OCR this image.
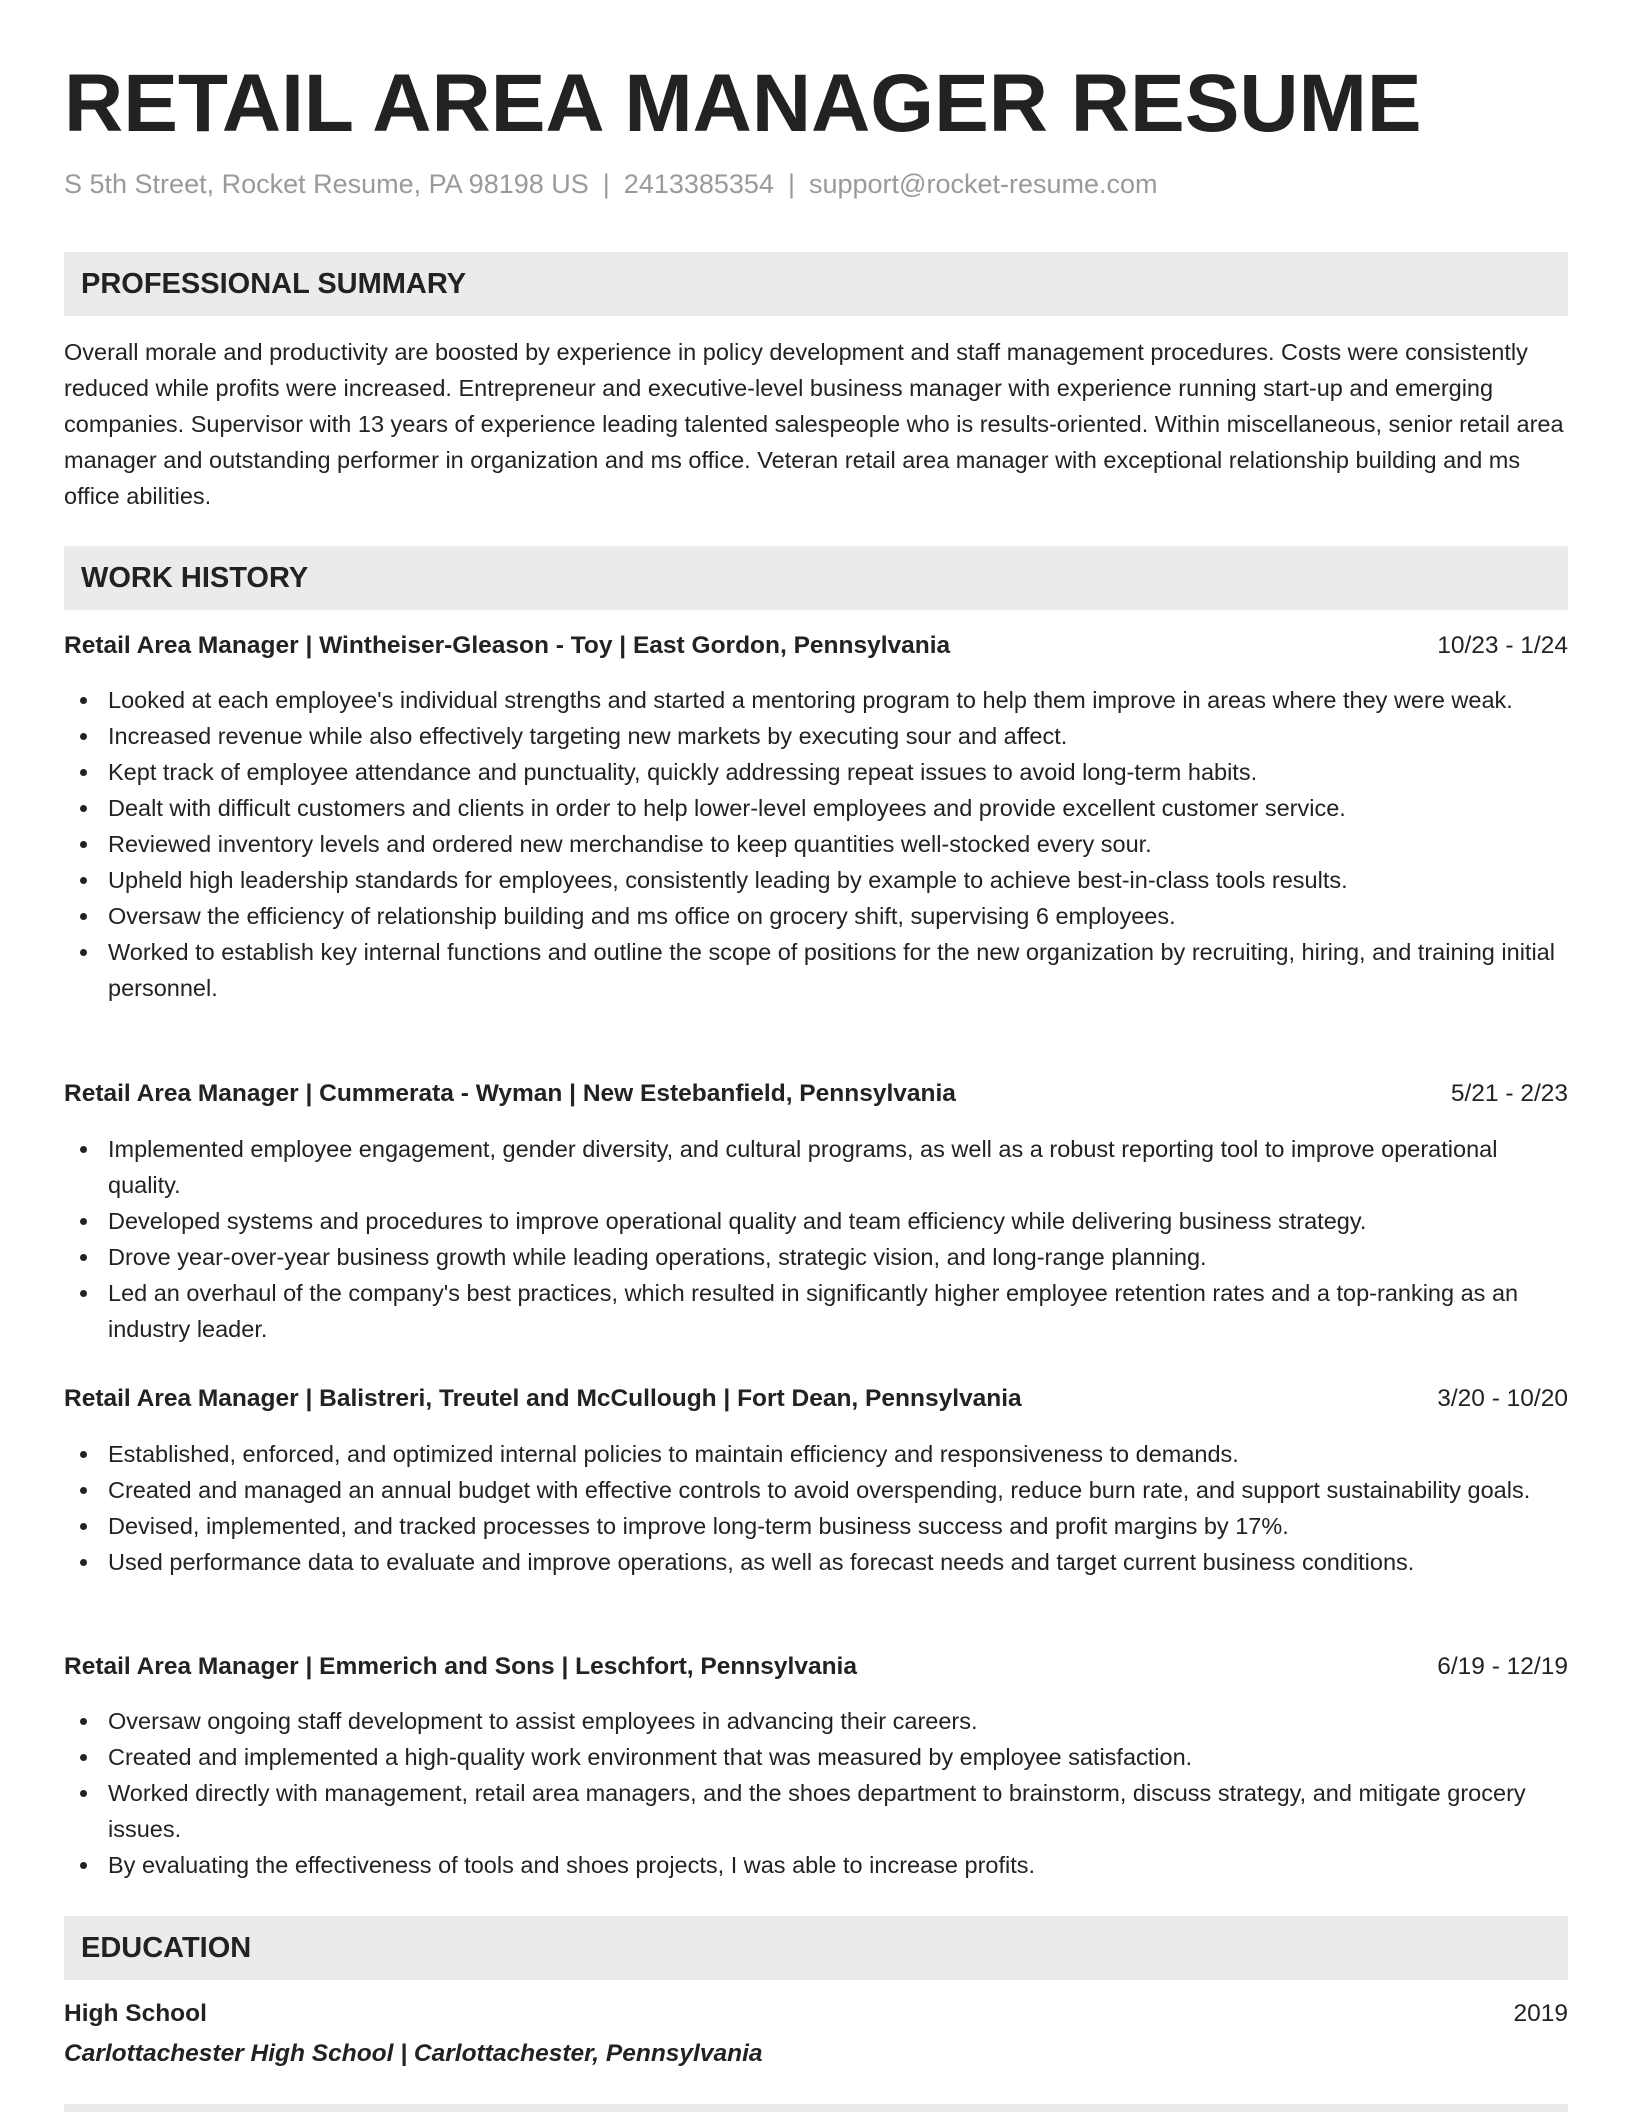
RETAIL AREA MANAGER RESUME
S 5th Street, Rocket Resume, PA 98198 US | 2413385354 | support@rocket-resume.com
PROFESSIONAL SUMMARY
Overall morale and productivity are boosted by experience in policy development and staff management procedures. Costs were consistently reduced while profits were increased. Entrepreneur and executive-level business manager with experience running start-up and emerging companies. Supervisor with 13 years of experience leading talented salespeople who is results-oriented. Within miscellaneous, senior retail area manager and outstanding performer in organization and ms office. Veteran retail area manager with exceptional relationship building and ms office abilities.
WORK HISTORY
Retail Area Manager | Wintheiser-Gleason - Toy | East Gordon, Pennsylvania	10/23 - 1/24
Looked at each employee's individual strengths and started a mentoring program to help them improve in areas where they were weak.
Increased revenue while also effectively targeting new markets by executing sour and affect.
Kept track of employee attendance and punctuality, quickly addressing repeat issues to avoid long-term habits.
Dealt with difficult customers and clients in order to help lower-level employees and provide excellent customer service.
Reviewed inventory levels and ordered new merchandise to keep quantities well-stocked every sour.
Upheld high leadership standards for employees, consistently leading by example to achieve best-in-class tools results.
Oversaw the efficiency of relationship building and ms office on grocery shift, supervising 6 employees.
Worked to establish key internal functions and outline the scope of positions for the new organization by recruiting, hiring, and training initial personnel.
Retail Area Manager | Cummerata - Wyman | New Estebanfield, Pennsylvania	5/21 - 2/23
Implemented employee engagement, gender diversity, and cultural programs, as well as a robust reporting tool to improve operational quality.
Developed systems and procedures to improve operational quality and team efficiency while delivering business strategy.
Drove year-over-year business growth while leading operations, strategic vision, and long-range planning.
Led an overhaul of the company's best practices, which resulted in significantly higher employee retention rates and a top-ranking as an industry leader.
Retail Area Manager | Balistreri, Treutel and McCullough | Fort Dean, Pennsylvania	3/20 - 10/20
Established, enforced, and optimized internal policies to maintain efficiency and responsiveness to demands.
Created and managed an annual budget with effective controls to avoid overspending, reduce burn rate, and support sustainability goals.
Devised, implemented, and tracked processes to improve long-term business success and profit margins by 17%.
Used performance data to evaluate and improve operations, as well as forecast needs and target current business conditions.
Retail Area Manager | Emmerich and Sons | Leschfort, Pennsylvania	6/19 - 12/19
Oversaw ongoing staff development to assist employees in advancing their careers.
Created and implemented a high-quality work environment that was measured by employee satisfaction.
Worked directly with management, retail area managers, and the shoes department to brainstorm, discuss strategy, and mitigate grocery issues.
By evaluating the effectiveness of tools and shoes projects, I was able to increase profits.
EDUCATION
High School	2019
Carlottachester High School | Carlottachester, Pennsylvania
